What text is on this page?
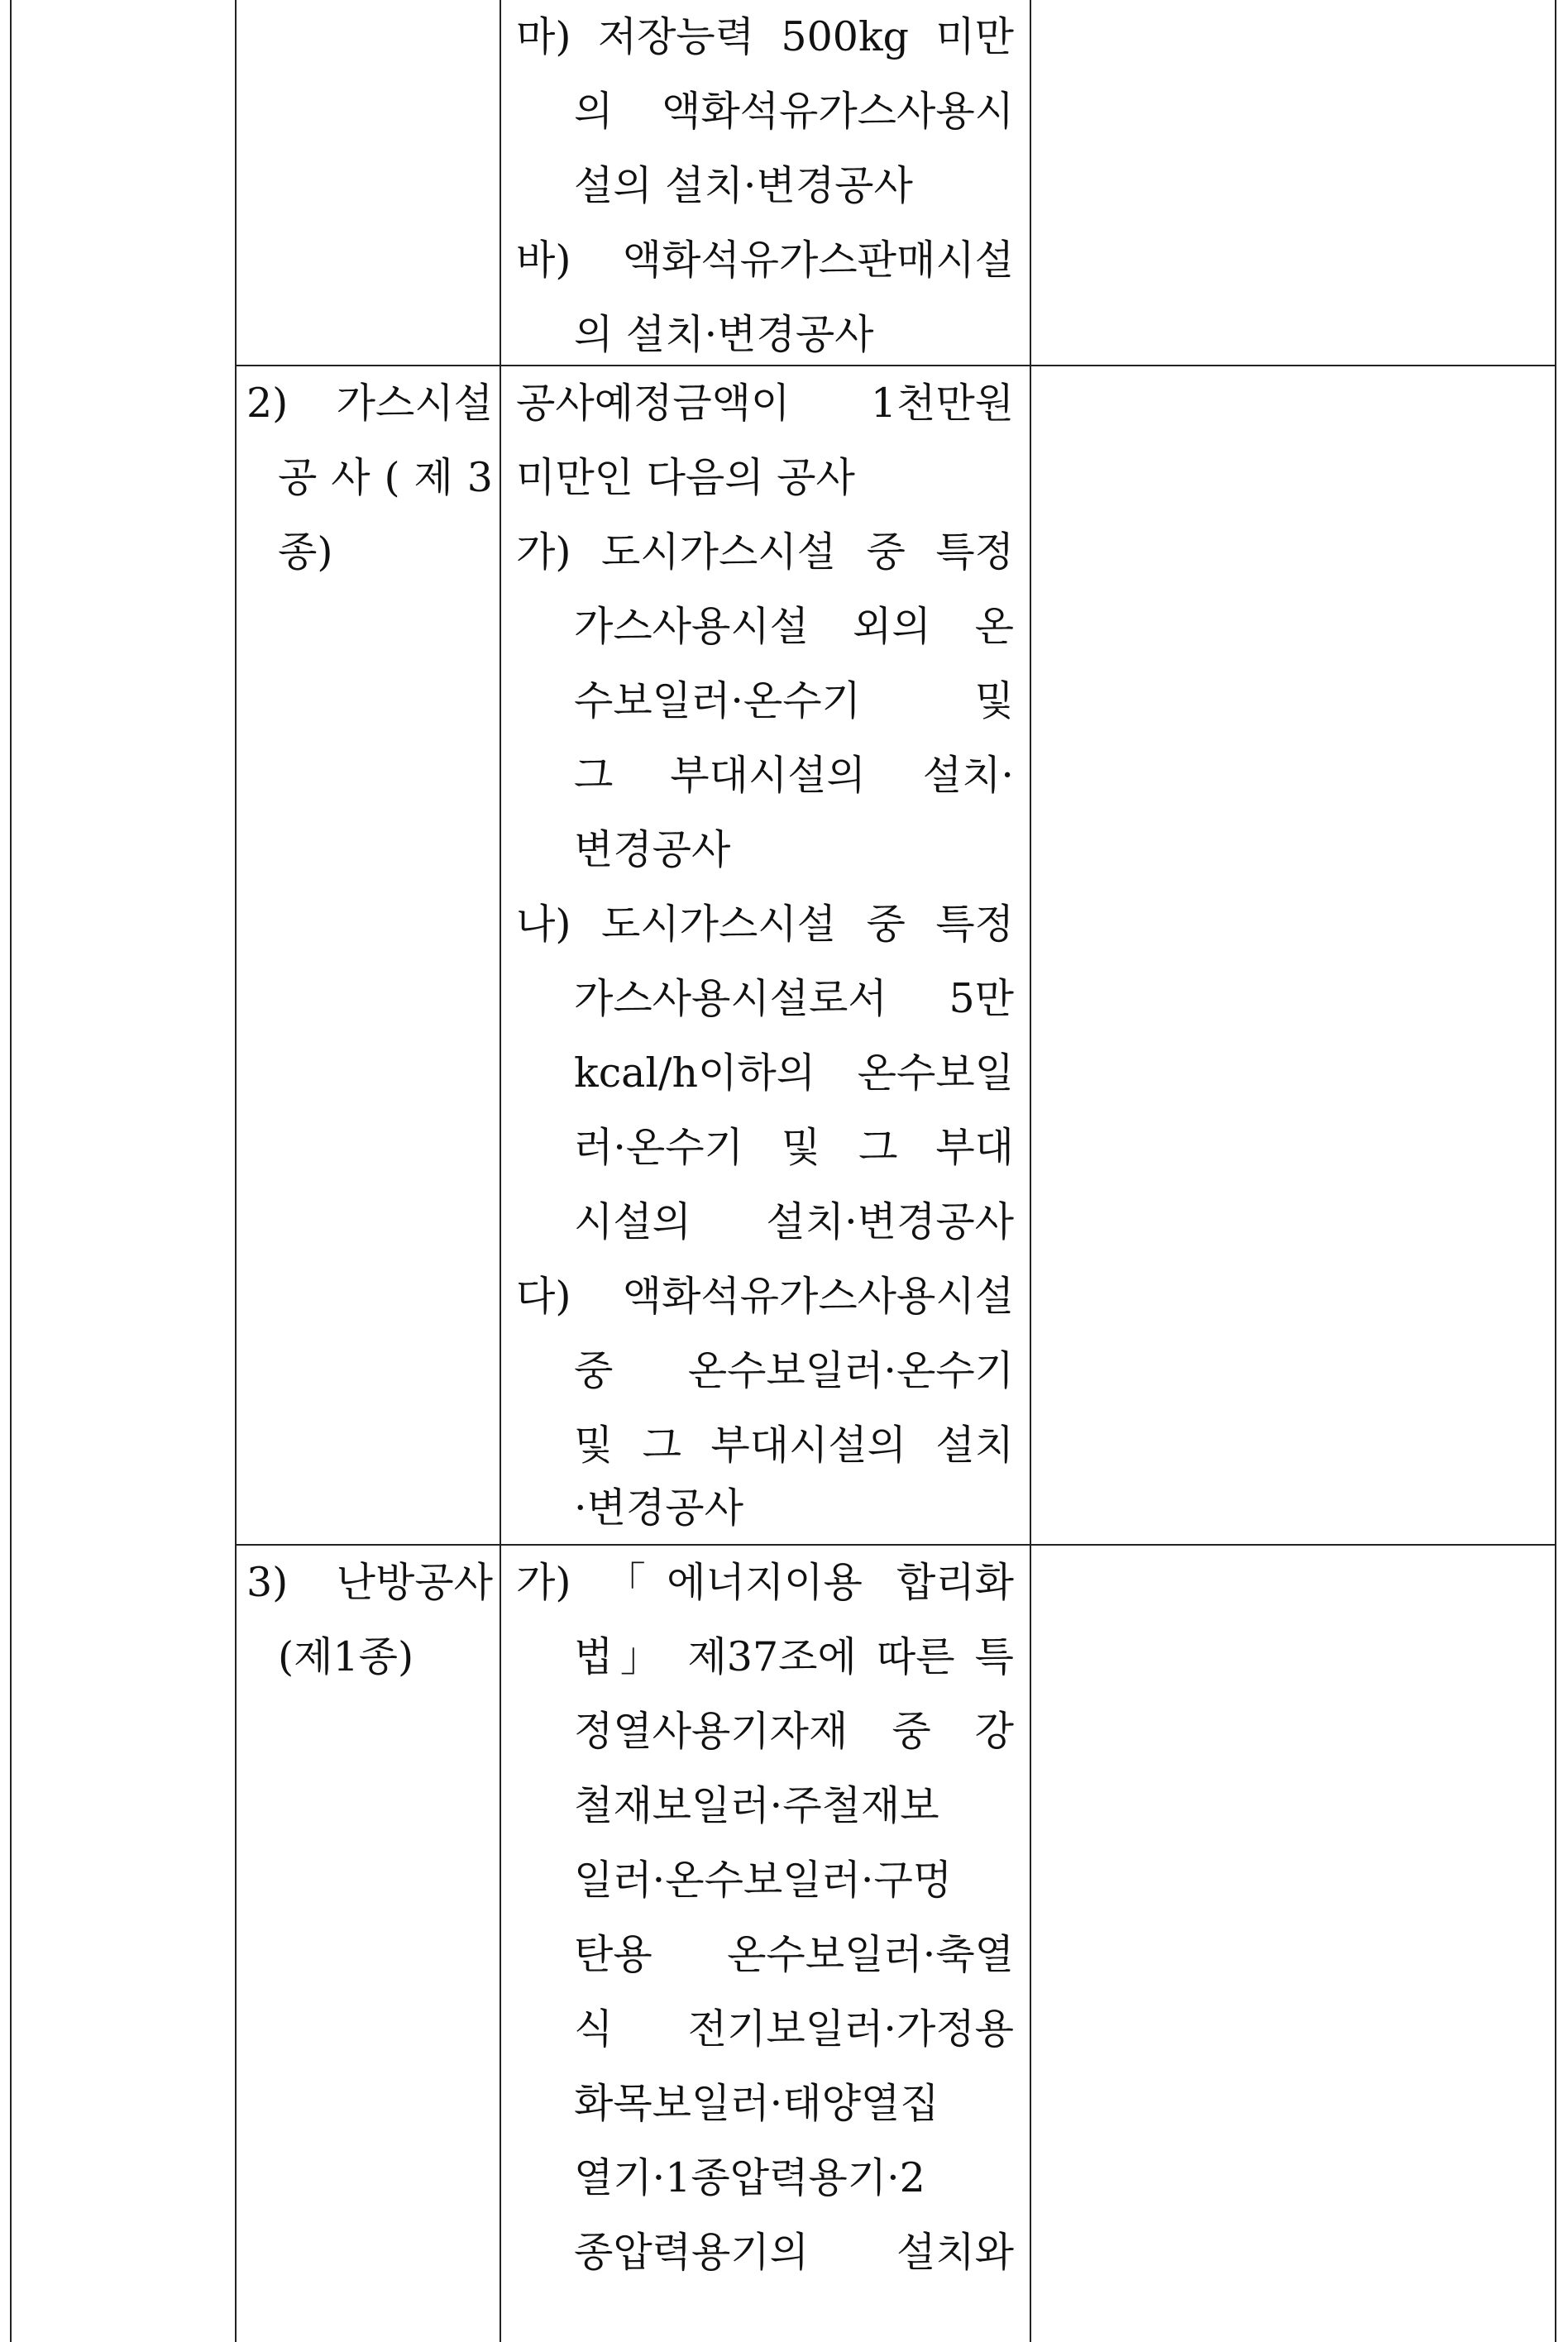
마) 저장능력 500kg 미만
의 액화석유가스사용시
설의 설치·변경공사
바) 액화석유가스판매시설
의 설치·변경공사
2) 가스시설
공 사 ( 제 3
종)
공사예정금액이 1천만원
미만인 다음의 공사
가) 도시가스시설 중 특정
가스사용시설 외의 온
수보일러·온수기 및
그 부대시설의 설치·
변경공사
나) 도시가스시설 중 특정
가스사용시설로서 5만
kcal/h이하의 온수보일
러·온수기 및 그 부대
시설의 설치·변경공사
다) 액화석유가스사용시설
중 온수보일러·온수기
및 그 부대시설의 설치
·변경공사
3) 난방공사
(제1종)
가) 「에너지이용 합리화
법」 제37조에 따른 특
정열사용기자재 중 강
철재보일러·주철재보
일러·온수보일러·구멍
탄용 온수보일러·축열
식 전기보일러·가정용
화목보일러·태양열집
열기·1종압력용기·2
종압력용기의 설치와
